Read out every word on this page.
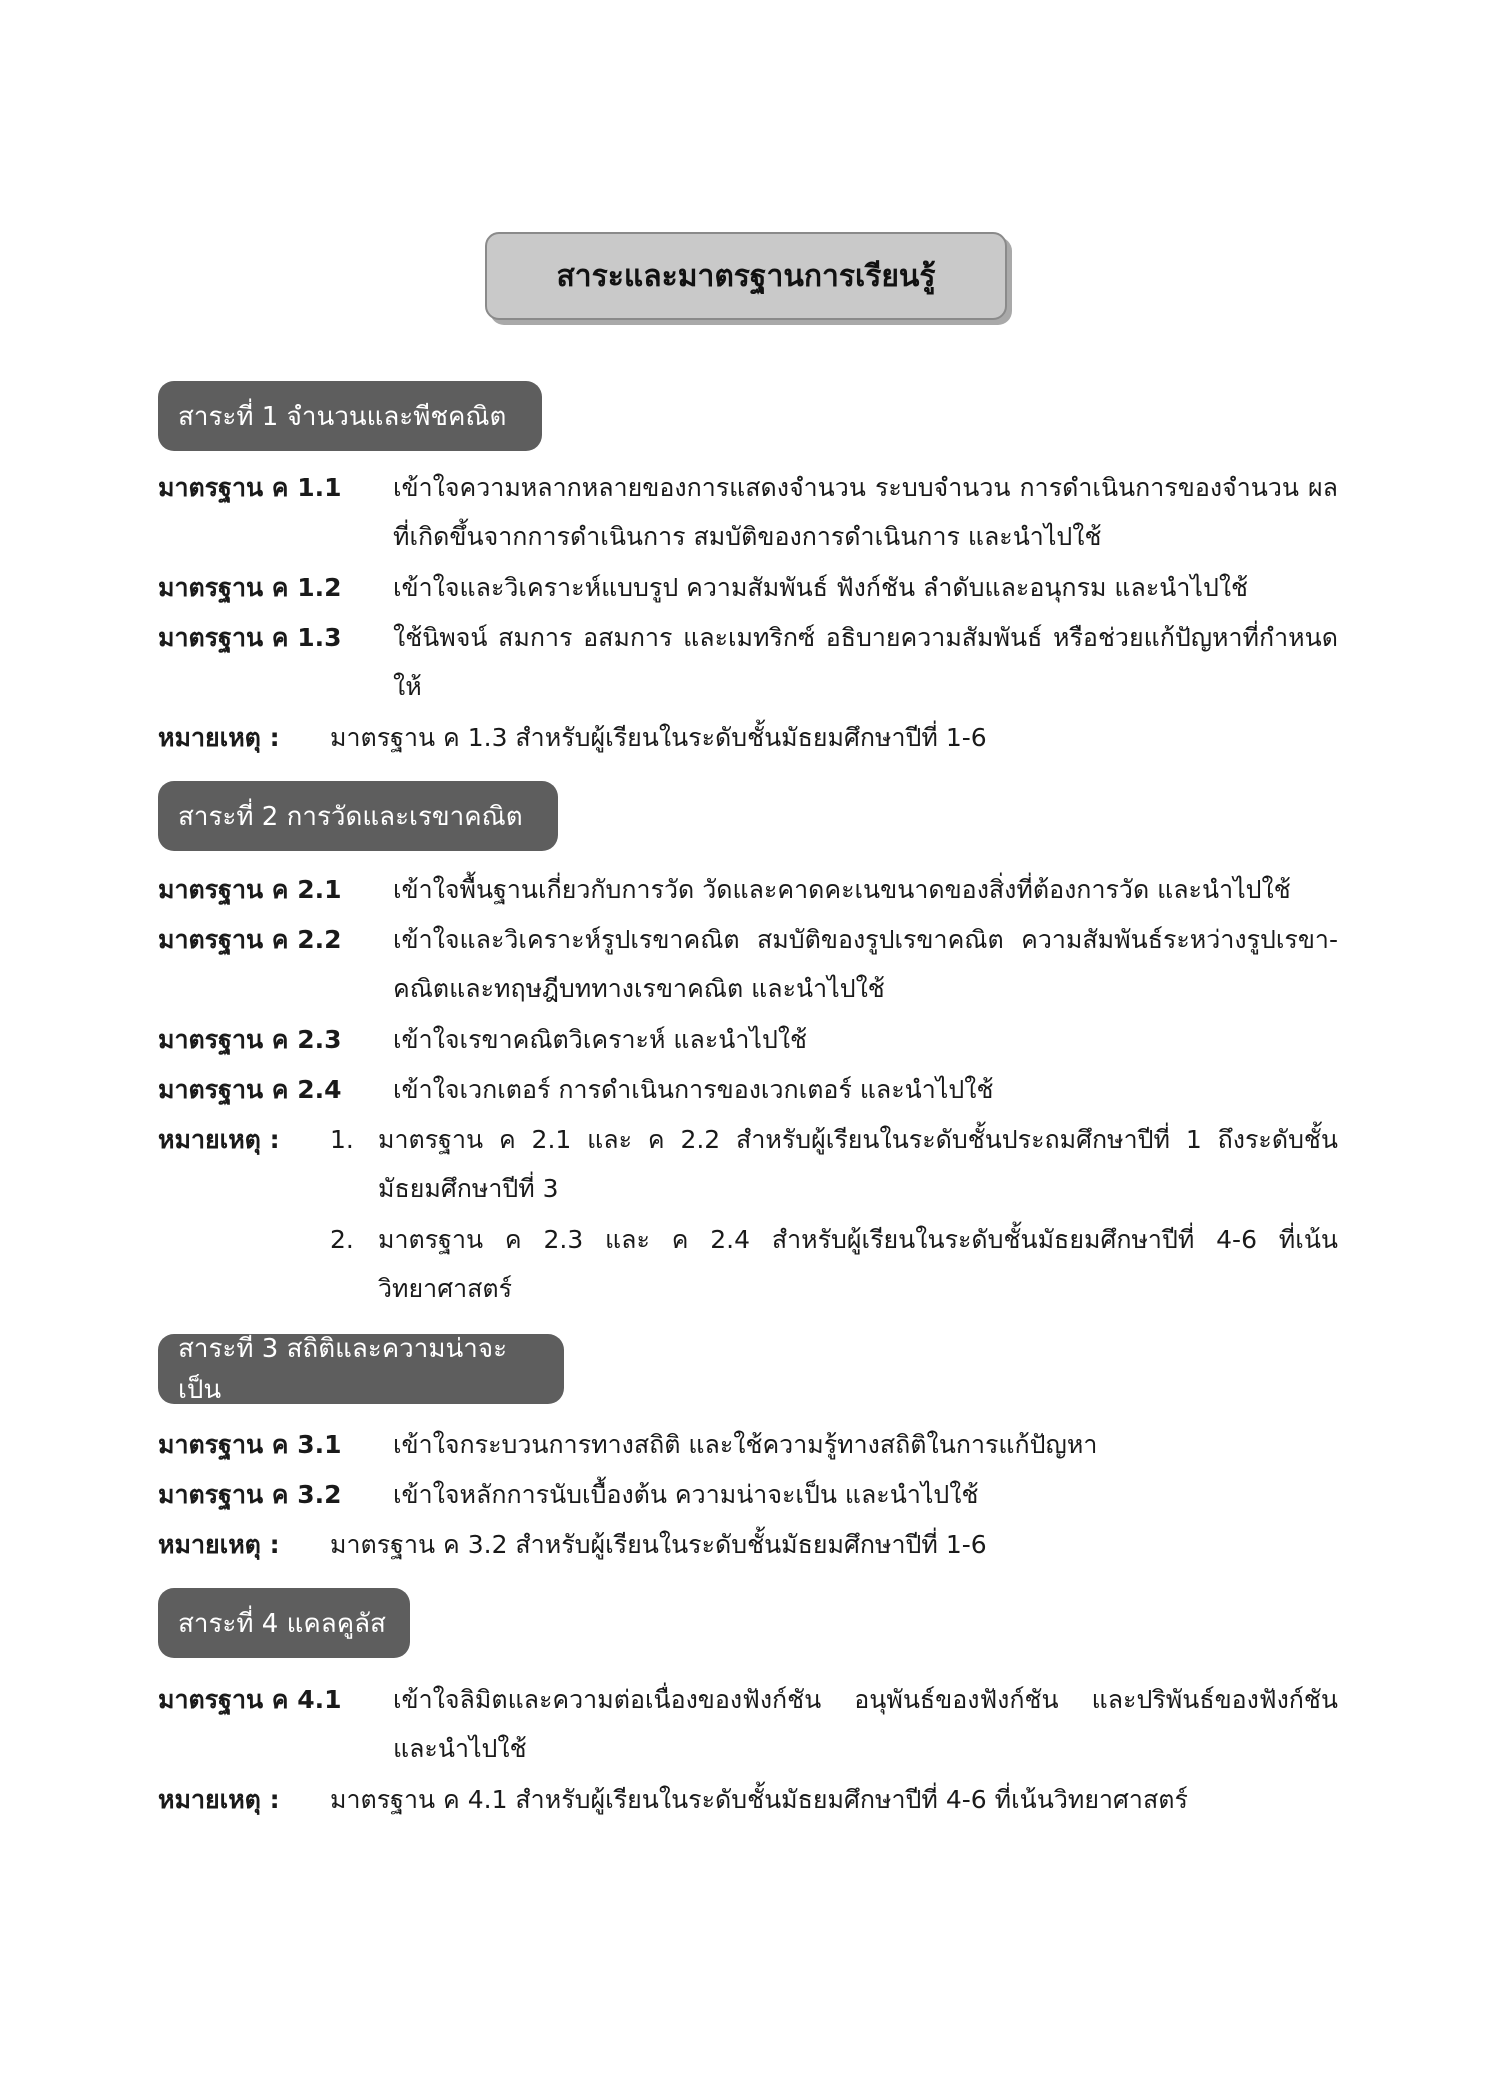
สาระและมาตรฐานการเรียนรู้
สาระที่ 1 จำนวนและพีชคณิต
มาตรฐาน ค 1.1 เข้าใจความหลากหลายของการแสดงจำนวน ระบบจำนวน การดำเนินการของจำนวน ผลที่เกิดขึ้นจากการดำเนินการ สมบัติของการดำเนินการ และนำไปใช้
มาตรฐาน ค 1.2 เข้าใจและวิเคราะห์แบบรูป ความสัมพันธ์ ฟังก์ชัน ลำดับและอนุกรม และนำไปใช้
มาตรฐาน ค 1.3 ใช้นิพจน์ สมการ อสมการ และเมทริกซ์ อธิบายความสัมพันธ์ หรือช่วยแก้ปัญหาที่กำหนดให้
หมายเหตุ : มาตรฐาน ค 1.3 สำหรับผู้เรียนในระดับชั้นมัธยมศึกษาปีที่ 1-6
สาระที่ 2 การวัดและเรขาคณิต
มาตรฐาน ค 2.1 เข้าใจพื้นฐานเกี่ยวกับการวัด วัดและคาดคะเนขนาดของสิ่งที่ต้องการวัด และนำไปใช้
มาตรฐาน ค 2.2 เข้าใจและวิเคราะห์รูปเรขาคณิต สมบัติของรูปเรขาคณิต ความสัมพันธ์ระหว่างรูปเรขา-คณิตและทฤษฎีบททางเรขาคณิต และนำไปใช้
มาตรฐาน ค 2.3 เข้าใจเรขาคณิตวิเคราะห์ และนำไปใช้
มาตรฐาน ค 2.4 เข้าใจเวกเตอร์ การดำเนินการของเวกเตอร์ และนำไปใช้
หมายเหตุ : 1. มาตรฐาน ค 2.1 และ ค 2.2 สำหรับผู้เรียนในระดับชั้นประถมศึกษาปีที่ 1 ถึงระดับชั้นมัธยมศึกษาปีที่ 3
2. มาตรฐาน ค 2.3 และ ค 2.4 สำหรับผู้เรียนในระดับชั้นมัธยมศึกษาปีที่ 4-6 ที่เน้นวิทยาศาสตร์
สาระที่ 3 สถิติและความน่าจะเป็น
มาตรฐาน ค 3.1 เข้าใจกระบวนการทางสถิติ และใช้ความรู้ทางสถิติในการแก้ปัญหา
มาตรฐาน ค 3.2 เข้าใจหลักการนับเบื้องต้น ความน่าจะเป็น และนำไปใช้
หมายเหตุ : มาตรฐาน ค 3.2 สำหรับผู้เรียนในระดับชั้นมัธยมศึกษาปีที่ 1-6
สาระที่ 4 แคลคูลัส
มาตรฐาน ค 4.1 เข้าใจลิมิตและความต่อเนื่องของฟังก์ชัน อนุพันธ์ของฟังก์ชัน และปริพันธ์ของฟังก์ชัน และนำไปใช้
หมายเหตุ : มาตรฐาน ค 4.1 สำหรับผู้เรียนในระดับชั้นมัธยมศึกษาปีที่ 4-6 ที่เน้นวิทยาศาสตร์
